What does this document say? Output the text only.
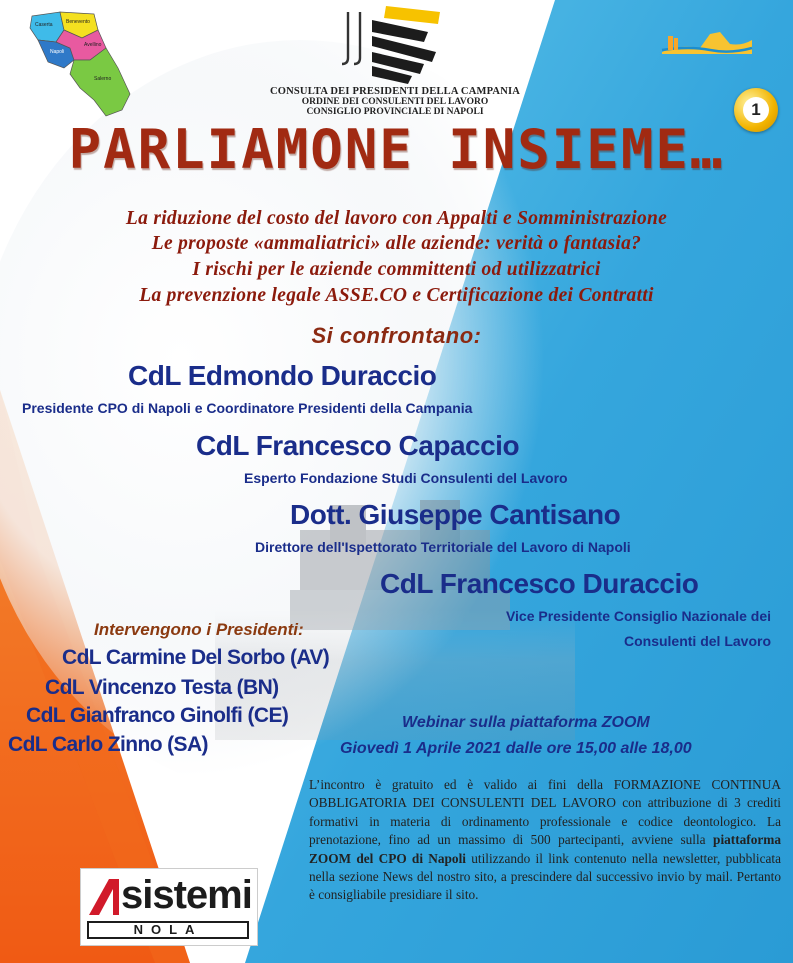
Caserta	Benevento
Napoli
Avellino
Salerno
CONSULTA DEI PRESIDENTI DELLA CAMPANIA
ORDINE DEI CONSULENTI DEL LAVORO
CONSIGLIO PROVINCIALE DI NAPOLI	1
PARLIAMONE INSIEME…
La riduzione del costo del lavoro con Appalti e Somministrazione
Le proposte «ammaliatrici» alle aziende: verità o fantasia?
I rischi per le aziende committenti od utilizzatrici
La prevenzione legale ASSE.CO e Certificazione dei Contratti
Si confrontano:
CdL Edmondo Duraccio
Presidente CPO di Napoli e Coordinatore Presidenti della Campania
CdL Francesco Capaccio
Esperto Fondazione Studi Consulenti del Lavoro
Dott. Giuseppe Cantisano
Direttore dell'Ispettorato Territoriale del Lavoro di Napoli
CdL Francesco Duraccio
Vice Presidente Consiglio Nazionale dei
Consulenti del Lavoro
Intervengono i Presidenti:
CdL Carmine Del Sorbo (AV)
CdL Vincenzo Testa (BN)
CdL Gianfranco Ginolfi (CE)
CdL Carlo Zinno (SA)
Webinar sulla piattaforma ZOOM
Giovedì 1 Aprile 2021 dalle ore 15,00 alle 18,00
L’incontro è gratuito ed è valido ai fini della FORMAZIONE CONTINUA OBBLIGATORIA DEI CONSULENTI DEL LAVORO con attribuzione di 3 crediti formativi in materia di ordinamento professionale e codice deontologico. La prenotazione, fino ad un massimo di 500 partecipanti, avviene sulla piattaforma ZOOM del CPO di Napoli utilizzando il link contenuto nella newsletter, pubblicata nella sezione News del nostro sito, a prescindere dal successivo invio by mail. Pertanto è consigliabile presidiare il sito.
sistemi
NOLA
